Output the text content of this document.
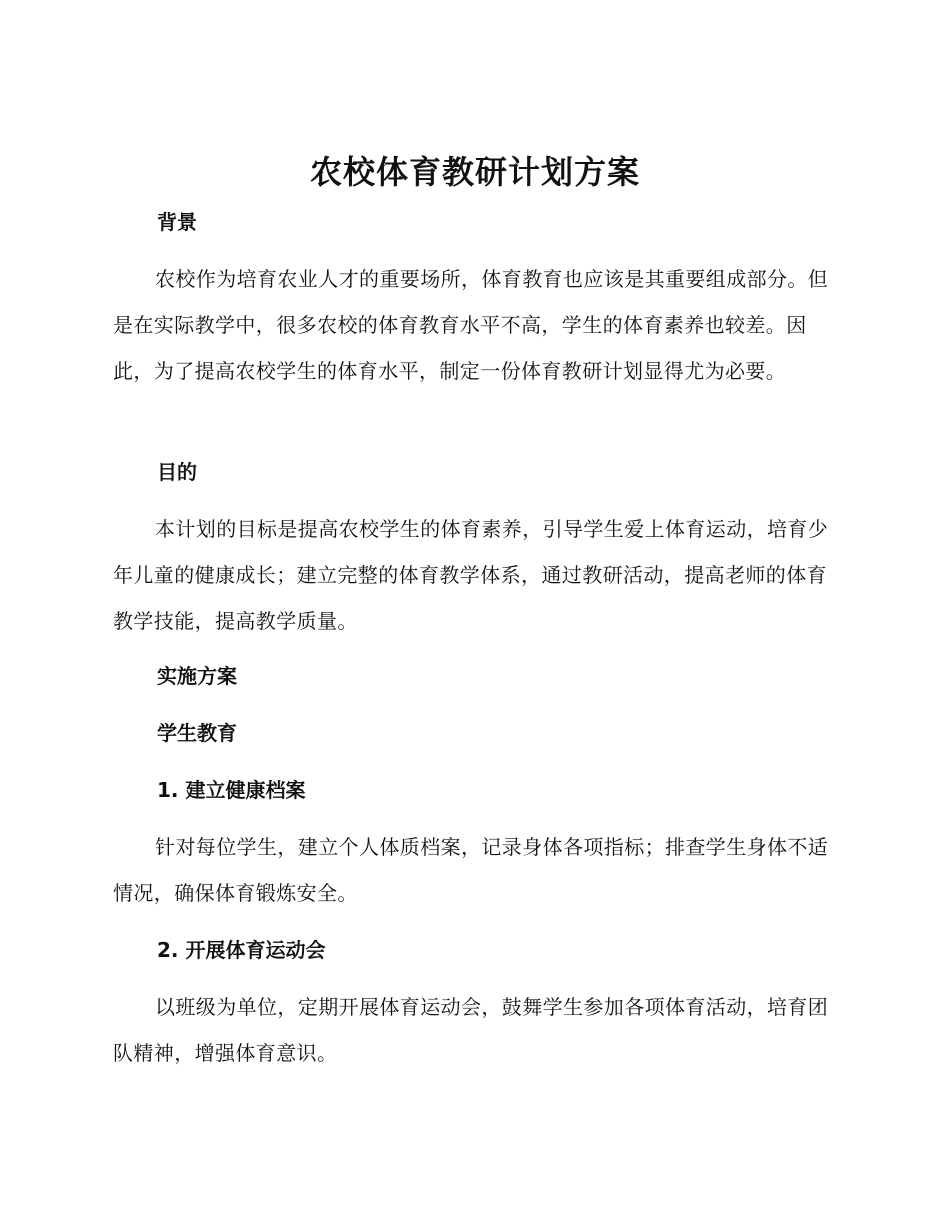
农校体育教研计划方案
背景

农校作为培育农业人才的重要场所，体育教育也应该是其重要组成部分。但是在实际教学中，很多农校的体育教育水平不高，学生的体育素养也较差。因此，为了提高农校学生的体育水平，制定一份体育教研计划显得尤为必要。

目的

本计划的目标是提高农校学生的体育素养，引导学生爱上体育运动，培育少年儿童的健康成长；建立完整的体育教学体系，通过教研活动，提高老师的体育教学技能，提高教学质量。

实施方案
学生教育
1. 建立健康档案

针对每位学生，建立个人体质档案，记录身体各项指标；排查学生身体不适情况，确保体育锻炼安全。

2. 开展体育运动会

以班级为单位，定期开展体育运动会，鼓舞学生参加各项体育活动，培育团队精神，增强体育意识。
